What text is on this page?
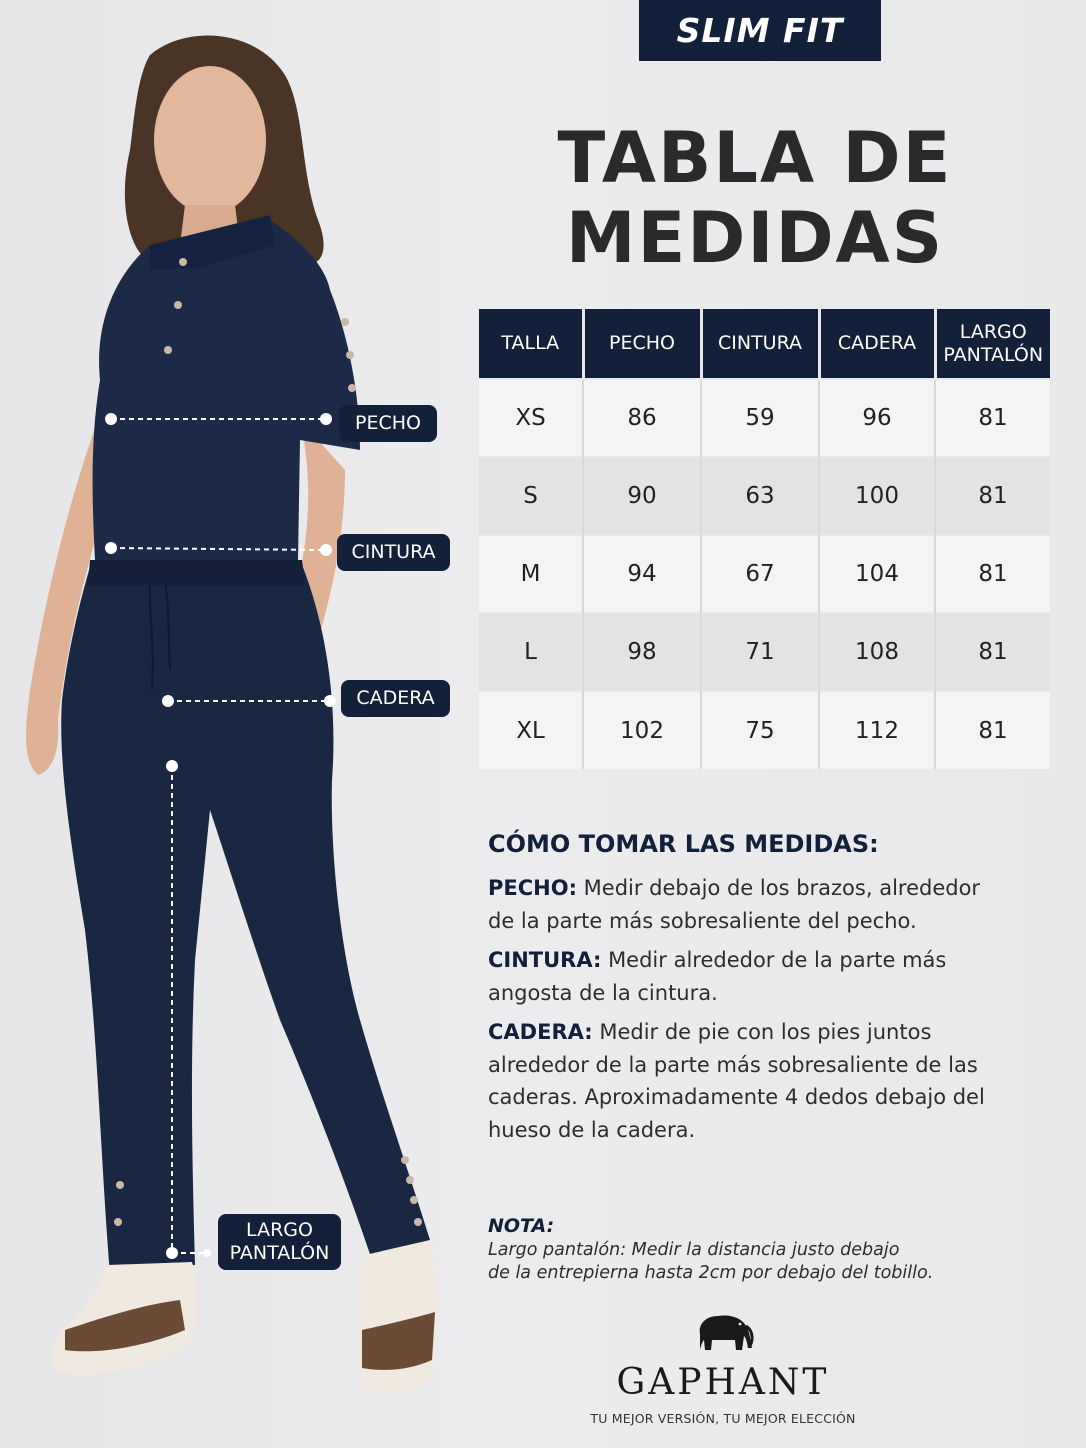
PECHO
CINTURA
CADERA
LARGO
PANTALÓN
SLIM FIT
TABLA DE
MEDIDAS
TALLA	PECHO	CINTURA	CADERA	LARGO PANTALÓN

XS	86	59	96	81
S	90	63	100	81
M	94	67	104	81
L	98	71	108	81
XL	102	75	112	81
CÓMO TOMAR LAS MEDIDAS:

PECHO: Medir debajo de los brazos, alrededor de la parte más sobresaliente del pecho.

CINTURA: Medir alrededor de la parte más angosta de la cintura.

CADERA: Medir de pie con los pies juntos alrededor de la parte más sobresaliente de las caderas. Aproximadamente 4 dedos debajo del hueso de la cadera.

NOTA:
Largo pantalón: Medir la distancia justo debajo
de la entrepierna hasta 2cm por debajo del tobillo.
GAPHANT
TU MEJOR VERSIÓN, TU MEJOR ELECCIÓN
